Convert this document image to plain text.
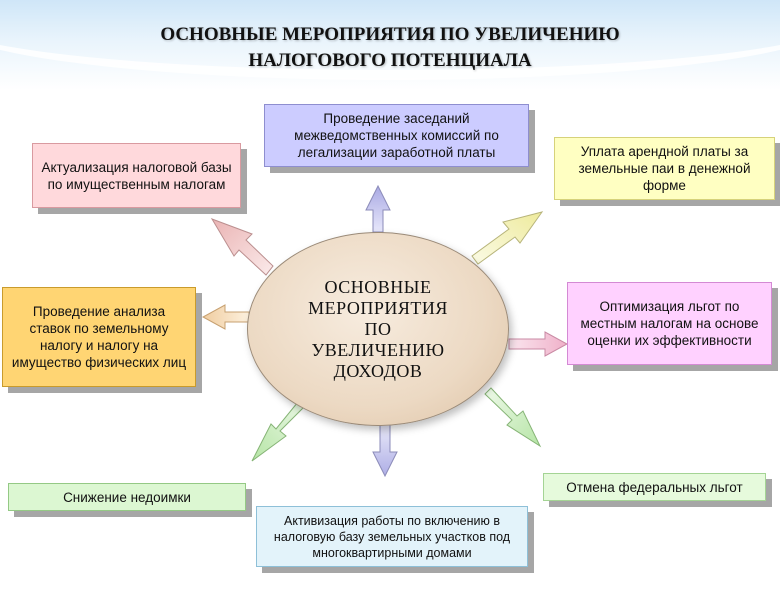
ОСНОВНЫЕ МЕРОПРИЯТИЯ ПО УВЕЛИЧЕНИЮ
НАЛОГОВОГО ПОТЕНЦИАЛА
ОСНОВНЫЕ
МЕРОПРИЯТИЯ
ПО
УВЕЛИЧЕНИЮ
ДОХОДОВ
Проведение заседаний межведомственных комиссий по легализации заработной платы
Актуализация налоговой базы по имущественным налогам
Уплата арендной платы за земельные паи в денежной форме
Проведение анализа ставок по земельному налогу и налогу на имущество физических лиц
Оптимизация льгот по местным налогам на основе оценки их эффективности
Снижение недоимки
Отмена федеральных льгот
Активизация работы по включению в налоговую базу земельных участков под многоквартирными домами
